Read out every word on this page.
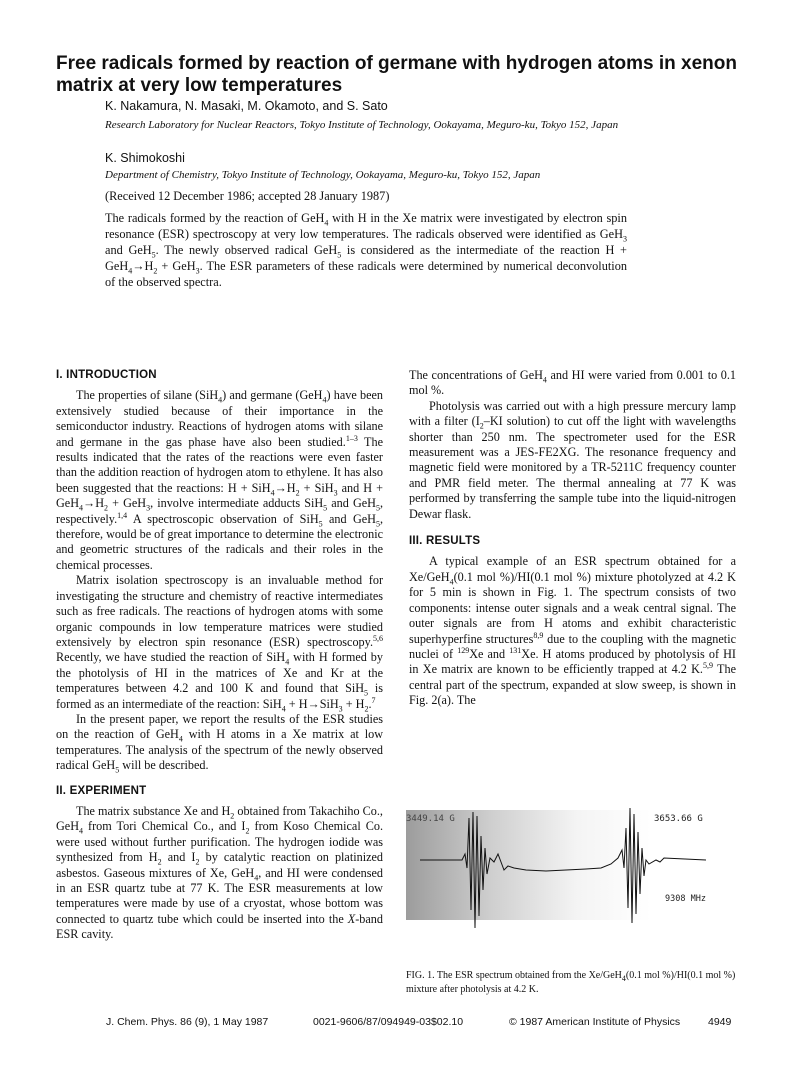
Free radicals formed by reaction of germane with hydrogen atoms in xenon matrix at very low temperatures
K. Nakamura, N. Masaki, M. Okamoto, and S. Sato
Research Laboratory for Nuclear Reactors, Tokyo Institute of Technology, Ookayama, Meguro-ku, Tokyo 152, Japan
K. Shimokoshi
Department of Chemistry, Tokyo Institute of Technology, Ookayama, Meguro-ku, Tokyo 152, Japan
(Received 12 December 1986; accepted 28 January 1987)
The radicals formed by the reaction of GeH$_4$ with H in the Xe matrix were investigated by electron spin resonance (ESR) spectroscopy at very low temperatures. The radicals observed were identified as GeH$_3$ and GeH$_5$. The newly observed radical GeH$_5$ is considered as the intermediate of the reaction $H + GeH_4\to H_2 + GeH_3$. The ESR parameters of these radicals were determined by numerical deconvolution of the observed spectra.
I. INTRODUCTION

The properties of silane (SiH$_4$) and germane (GeH$_4$) have been extensively studied because of their importance in the semiconductor industry. Reactions of hydrogen atoms with silane and germane in the gas phase have also been studied.$^{1-3}$ The results indicated that the rates of the reactions were even faster than the addition reaction of hydrogen atom to ethylene. It has also been suggested that the reactions: $H + SiH_4\to H_2 + SiH_3$ and $H + GeH_4\to H_2 + GeH_3$, involve intermediate adducts SiH$_5$ and GeH$_5$, respectively.$^{1,4}$ A spectroscopic observation of SiH$_5$ and GeH$_5$, therefore, would be of great importance to determine the electronic and geometric structures of the radicals and their roles in the chemical processes.

Matrix isolation spectroscopy is an invaluable method for investigating the structure and chemistry of reactive intermediates such as free radicals. The reactions of hydrogen atoms with some organic compounds in low temperature matrices were studied extensively by electron spin resonance (ESR) spectroscopy.$^{5,6}$ Recently, we have studied the reaction of SiH$_4$ with H formed by the photolysis of HI in the matrices of Xe and Kr at the temperatures between 4.2 and 100 K and found that SiH$_5$ is formed as an intermediate of the reaction: $SiH_4 + H\to SiH_3 + H_2.^7$

In the present paper, we report the results of the ESR studies on the reaction of GeH$_4$ with H atoms in a Xe matrix at low temperatures. The analysis of the spectrum of the newly observed radical GeH$_5$ will be described.

II. EXPERIMENT

The matrix substance Xe and $H_2$ obtained from Takachiho Co., GeH$_4$ from Tori Chemical Co., and $I_2$ from Koso Chemical Co. were used without further purification. The hydrogen iodide was synthesized from $H_2$ and $I_2$ by catalytic reaction on platinized asbestos. Gaseous mixtures of Xe, GeH$_4$, and HI were condensed in an ESR quartz tube at 77 K. The ESR measurements at low temperatures were made by use of a cryostat, whose bottom was connected to quartz tube which could be inserted into the X-band ESR cavity.

The concentrations of GeH$_4$ and HI were varied from 0.001 to 0.1 mol %.

Photolysis was carried out with a high pressure mercury lamp with a filter ($I_2-KI$ solution) to cut off the light with wavelengths shorter than 250 nm. The spectrometer used for the ESR measurement was a JES-FE2XG. The resonance frequency and magnetic field were monitored by a TR-5211C frequency counter and PMR field meter. The thermal annealing at 77 K was performed by transferring the sample tube into the liquid-nitrogen Dewar flask.

III. RESULTS

A typical example of an ESR spectrum obtained for a Xe/GeH$_4$(0.1 mol %)/HI(0.1 mol %) mixture photolyzed at 4.2 K for 5 min is shown in Fig. 1. The spectrum consists of two components: intense outer signals and a weak central signal. The outer signals are from H atoms and exhibit characteristic superhyperfine structures$^{8,9}$ due to the coupling with the magnetic nuclei of $^{129}$Xe and $^{131}$Xe. H atoms produced by photolysis of HI in Xe matrix are known to be efficiently trapped at 4.2 K.$^{5,9}$ The central part of the spectrum, expanded at slow sweep, is shown in Fig. 2(a). The

3449.14 G	3653.66 G
9308 MHz
FIG. 1. The ESR spectrum obtained from the Xe/GeH$_4$(0.1 mol %)/HI(0.1 mol %) mixture after photolysis at 4.2 K.
J. Chem. Phys. 86 (9), 1 May 1987	0021-9606/87/094949-03$02.10	© 1987 American Institute of Physics	4949
